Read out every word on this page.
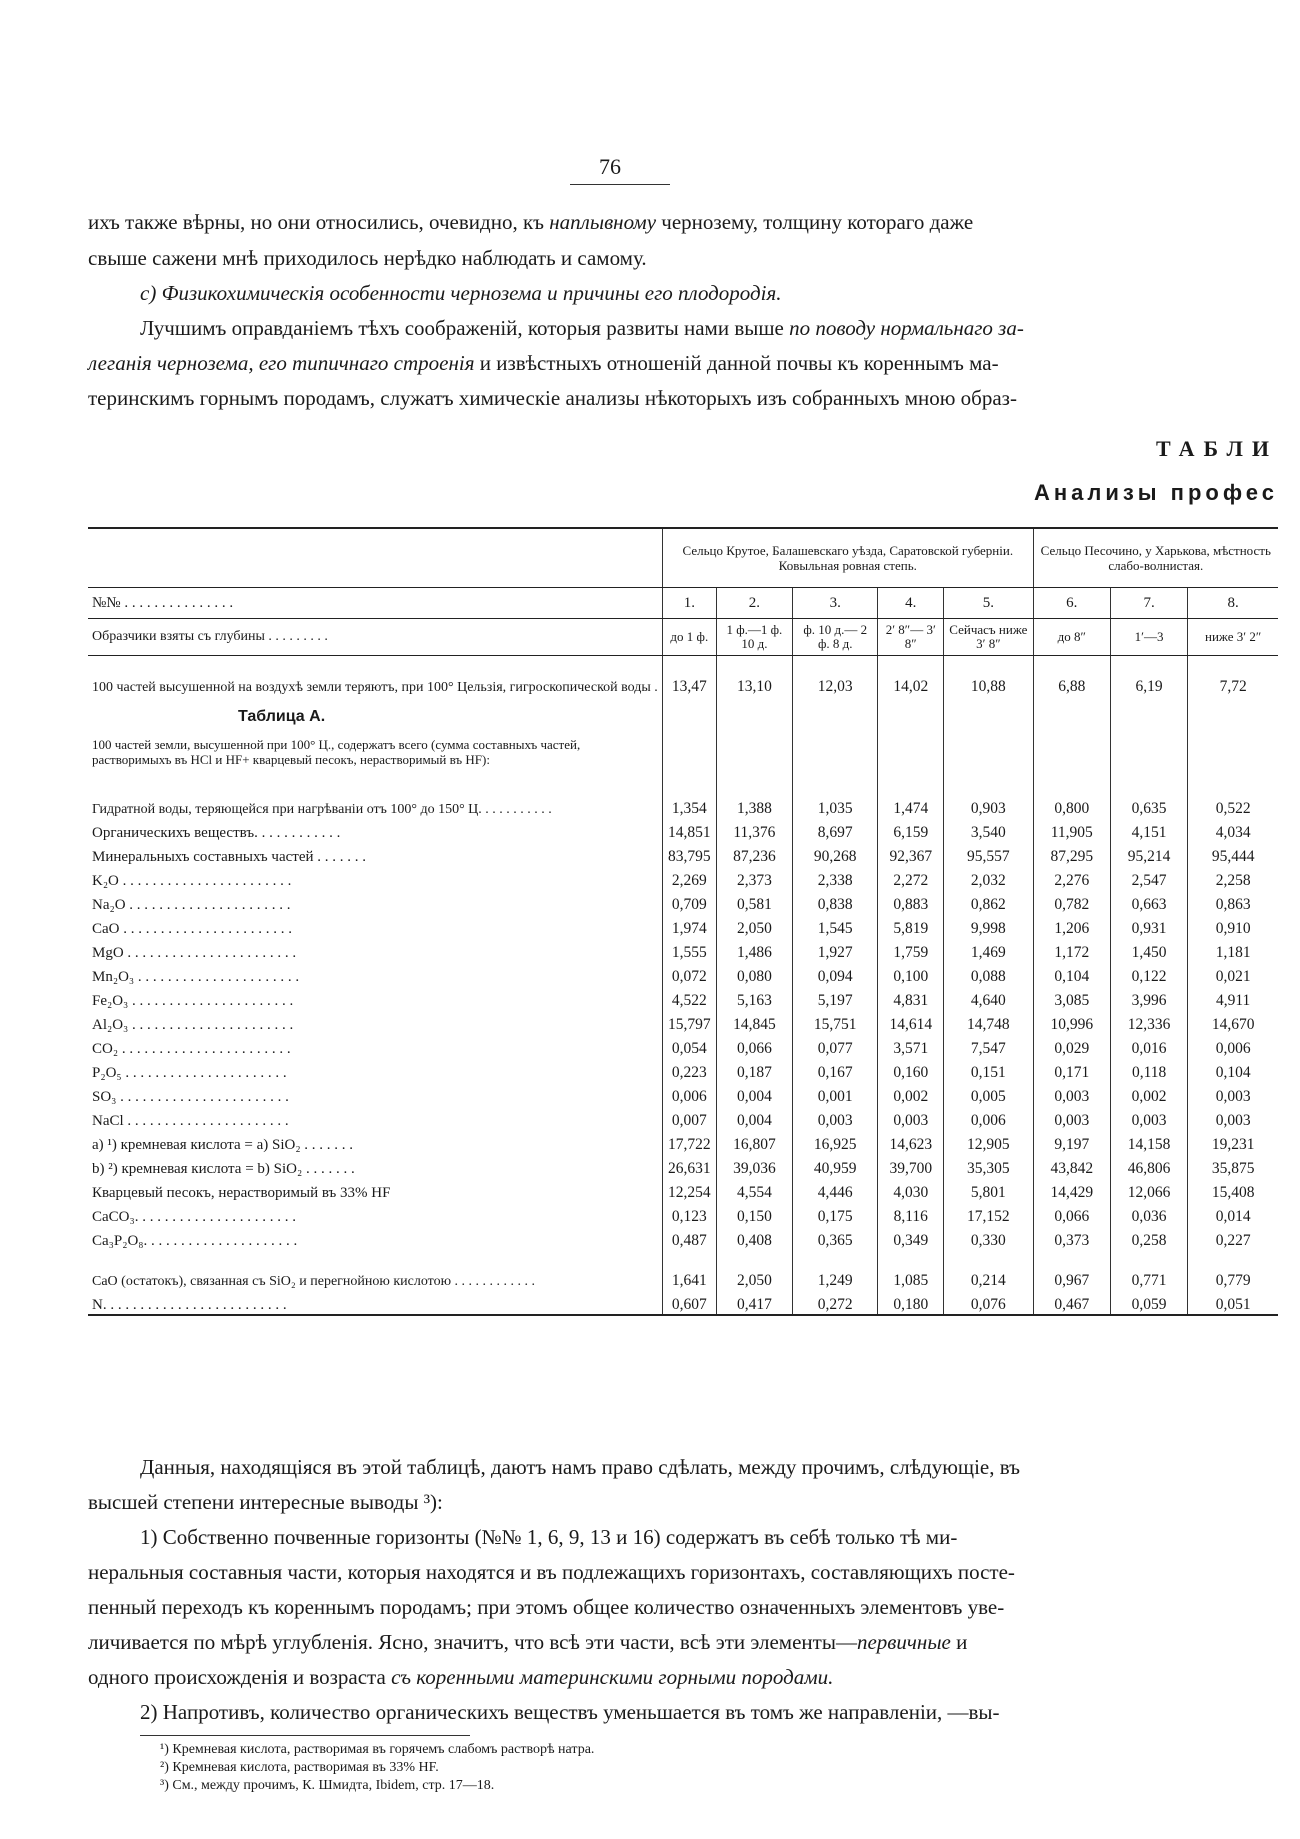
76
ихъ также вѣрны, но они относились, очевидно, къ наплывному чернозему, толщину котораго даже
свыше сажени мнѣ приходилось нерѣдко наблюдать и самому.
c) Физикохимическія особенности чернозема и причины его плодородія.
Лучшимъ оправданіемъ тѣхъ соображеній, которыя развиты нами выше по поводу нормальнаго за-
леганія чернозема, его типичнаго строенія и извѣстныхъ отношеній данной почвы къ кореннымъ ма-
теринскимъ горнымъ породамъ, служатъ химическіе анализы нѣкоторыхъ изъ собранныхъ мною образ-
ТАБЛИ
Анализы профес
	Сельцо Крутое, Балашевскаго уѣзда, Саратовской губерніи. Ковыльная ровная степь.					Сельцо Песочино, у Харькова, мѣстность слабо-волнистая.		
№№ . . . . . . . . . . . . . . .	1.	2.	3.	4.	5.	6.	7.	8.
Образчики взяты съ глубины . . . . . . . . .	до 1 ф.	1 ф.—1 ф. 10 д.	ф. 10 д.— 2 ф. 8 д.	2′ 8″— 3′ 8″	Сейчасъ ниже 3′ 8″	до 8″	1′—3	ниже 3′ 2″
100 частей высушенной на воздухѣ земли теряютъ, при 100° Цельзія, гигроскопической воды .	13,47	13,10	12,03	14,02	10,88	6,88	6,19	7,72
Таблица A.								
100 частей земли, высушенной при 100° Ц., содержатъ всего (сумма составныхъ частей, растворимыхъ въ HCl и HF+ кварцевый песокъ, нерастворимый въ HF):								
Гидратной воды, теряющейся при нагрѣваніи отъ 100° до 150° Ц. . . . . . . . . . .	1,354	1,388	1,035	1,474	0,903	0,800	0,635	0,522
Органическихъ веществъ. . . . . . . . . . . .	14,851	11,376	8,697	6,159	3,540	11,905	4,151	4,034
Минеральныхъ составныхъ частей . . . . . . .	83,795	87,236	90,268	92,367	95,557	87,295	95,214	95,444
K₂O . . . . . . . . . . . . . . . . . . . . . . .	2,269	2,373	2,338	2,272	2,032	2,276	2,547	2,258
Na₂O . . . . . . . . . . . . . . . . . . . . . .	0,709	0,581	0,838	0,883	0,862	0,782	0,663	0,863
CaO . . . . . . . . . . . . . . . . . . . . . . .	1,974	2,050	1,545	5,819	9,998	1,206	0,931	0,910
MgO . . . . . . . . . . . . . . . . . . . . . . .	1,555	1,486	1,927	1,759	1,469	1,172	1,450	1,181
Mn₂O₃ . . . . . . . . . . . . . . . . . . . . . .	0,072	0,080	0,094	0,100	0,088	0,104	0,122	0,021
Fe₂O₃ . . . . . . . . . . . . . . . . . . . . . .	4,522	5,163	5,197	4,831	4,640	3,085	3,996	4,911
Al₂O₃ . . . . . . . . . . . . . . . . . . . . . .	15,797	14,845	15,751	14,614	14,748	10,996	12,336	14,670
CO₂ . . . . . . . . . . . . . . . . . . . . . . .	0,054	0,066	0,077	3,571	7,547	0,029	0,016	0,006
P₂O₅ . . . . . . . . . . . . . . . . . . . . . .	0,223	0,187	0,167	0,160	0,151	0,171	0,118	0,104
SO₃ . . . . . . . . . . . . . . . . . . . . . . .	0,006	0,004	0,001	0,002	0,005	0,003	0,002	0,003
NaCl . . . . . . . . . . . . . . . . . . . . . .	0,007	0,004	0,003	0,003	0,006	0,003	0,003	0,003
a) ¹) кремневая кислота = a) SiO₂ . . . . . . .	17,722	16,807	16,925	14,623	12,905	9,197	14,158	19,231
b) ²) кремневая кислота = b) SiO₂ . . . . . . .	26,631	39,036	40,959	39,700	35,305	43,842	46,806	35,875
Кварцевый песокъ, нерастворимый въ 33% HF	12,254	4,554	4,446	4,030	5,801	14,429	12,066	15,408
CaCO₃. . . . . . . . . . . . . . . . . . . . . .	0,123	0,150	0,175	8,116	17,152	0,066	0,036	0,014
Ca₃P₂O₈. . . . . . . . . . . . . . . . . . . . .	0,487	0,408	0,365	0,349	0,330	0,373	0,258	0,227
CaO (остатокъ), связанная съ SiO₂ и перегнойною кислотою . . . . . . . . . . . .	1,641	2,050	1,249	1,085	0,214	0,967	0,771	0,779
N. . . . . . . . . . . . . . . . . . . . . . . . .	0,607	0,417	0,272	0,180	0,076	0,467	0,059	0,051
Данныя, находящіяся въ этой таблицѣ, даютъ намъ право сдѣлать, между прочимъ, слѣдующіе, въ
высшей степени интересные выводы ³):
1) Собственно почвенные горизонты (№№ 1, 6, 9, 13 и 16) содержатъ въ себѣ только тѣ ми-
неральныя составныя части, которыя находятся и въ подлежащихъ горизонтахъ, составляющихъ посте-
пенный переходъ къ кореннымъ породамъ; при этомъ общее количество означенныхъ элементовъ уве-
личивается по мѣрѣ углубленія. Ясно, значитъ, что всѣ эти части, всѣ эти элементы—первичные и
одного происхожденія и возраста съ коренными материнскими горными породами.
2) Напротивъ, количество органическихъ веществъ уменьшается въ томъ же направленіи, —вы-
¹) Кремневая кислота, растворимая въ горячемъ слабомъ растворѣ натра.
²) Кремневая кислота, растворимая въ 33% HF.
³) См., между прочимъ, К. Шмидта, Ibidem, стр. 17—18.
